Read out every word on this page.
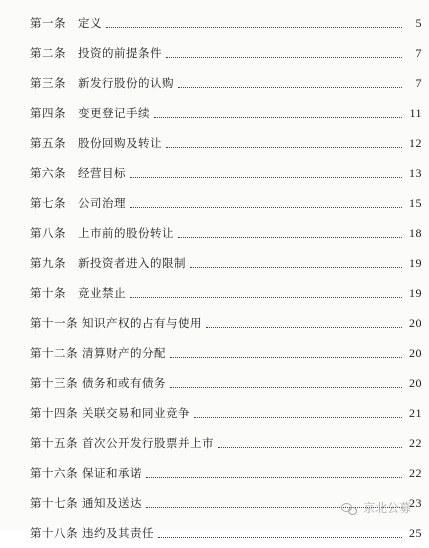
第一条	定义	5
第二条	投资的前提条件	7
第三条	新发行股份的认购	7
第四条	变更登记手续	11
第五条	股份回购及转让	12
第六条	经营目标	13
第七条	公司治理	15
第八条	上市前的股份转让	18
第九条	新投资者进入的限制	19
第十条	竞业禁止	19
第十一条 知识产权的占有与使用	20
第十二条 清算财产的分配	20
第十三条 债务和或有债务	20
第十四条 关联交易和同业竞争	21
第十五条 首次公开发行股票并上市	22
第十六条 保证和承诺	22
第十七条 通知及送达	23
第十八条 违约及其责任	25
京北公募
